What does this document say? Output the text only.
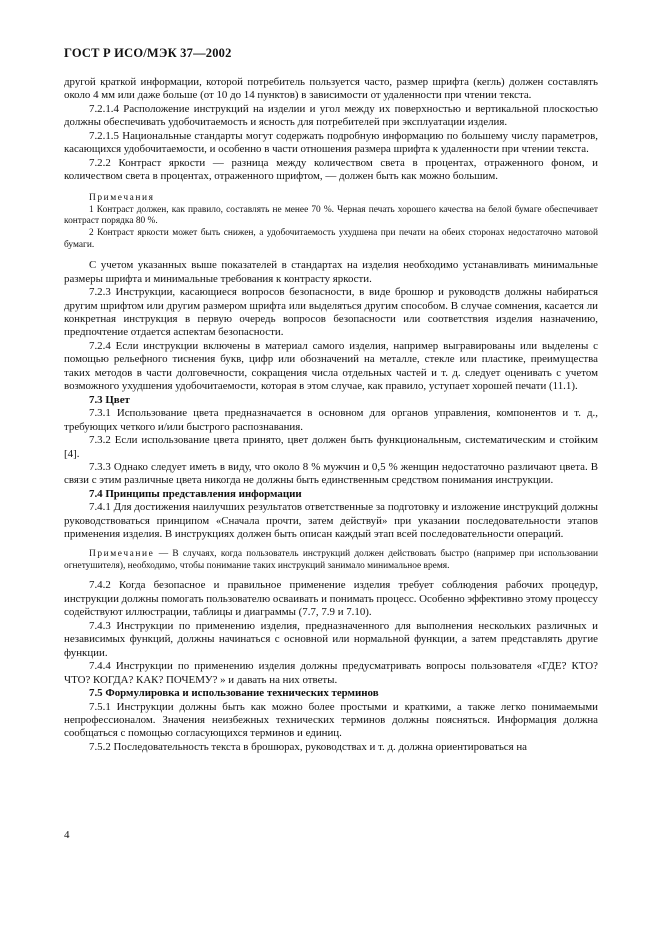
ГОСТ Р ИСО/МЭК 37—2002

другой краткой информации, которой потребитель пользуется часто, размер шрифта (кегль) должен составлять около 4 мм или даже больше (от 10 до 14 пунктов) в зависимости от удаленности при чтении текста.

7.2.1.4 Расположение инструкций на изделии и угол между их поверхностью и вертикальной плоскостью должны обеспечивать удобочитаемость и ясность для потребителей при эксплуатации изделия.

7.2.1.5 Национальные стандарты могут содержать подробную информацию по большему числу параметров, касающихся удобочитаемости, и особенно в части отношения размера шрифта к удаленности при чтении текста.

7.2.2 Контраст яркости — разница между количеством света в процентах, отраженного фоном, и количеством света в процентах, отраженного шрифтом, — должен быть как можно большим.

Примечания

1 Контраст должен, как правило, составлять не менее 70 %. Черная печать хорошего качества на белой бумаге обеспечивает контраст порядка 80 %.

2 Контраст яркости может быть снижен, а удобочитаемость ухудшена при печати на обеих сторонах недостаточно матовой бумаги.

С учетом указанных выше показателей в стандартах на изделия необходимо устанавливать минимальные размеры шрифта и минимальные требования к контрасту яркости.

7.2.3 Инструкции, касающиеся вопросов безопасности, в виде брошюр и руководств должны набираться другим шрифтом или другим размером шрифта или выделяться другим способом. В случае сомнения, касается ли конкретная инструкция в первую очередь вопросов безопасности или соответствия изделия назначению, предпочтение отдается аспектам безопасности.

7.2.4 Если инструкции включены в материал самого изделия, например выгравированы или выделены с помощью рельефного тиснения букв, цифр или обозначений на металле, стекле или пластике, преимущества таких методов в части долговечности, сокращения числа отдельных частей и т. д. следует оценивать с учетом возможного ухудшения удобочитаемости, которая в этом случае, как правило, уступает хорошей печати (11.1).

7.3 Цвет

7.3.1 Использование цвета предназначается в основном для органов управления, компонентов и т. д., требующих четкого и/или быстрого распознавания.

7.3.2 Если использование цвета принято, цвет должен быть функциональным, систематическим и стойким [4].

7.3.3 Однако следует иметь в виду, что около 8 % мужчин и 0,5 % женщин недостаточно различают цвета. В связи с этим различные цвета никогда не должны быть единственным средством понимания инструкции.

7.4 Принципы представления информации

7.4.1 Для достижения наилучших результатов ответственные за подготовку и изложение инструкций должны руководствоваться принципом «Сначала прочти, затем действуй» при указании последовательности этапов применения изделия. В инструкциях должен быть описан каждый этап всей последовательности операций.

Примечание — В случаях, когда пользователь инструкций должен действовать быстро (например при использовании огнетушителя), необходимо, чтобы понимание таких инструкций занимало минимальное время.

7.4.2 Когда безопасное и правильное применение изделия требует соблюдения рабочих процедур, инструкции должны помогать пользователю осваивать и понимать процесс. Особенно эффективно этому процессу содействуют иллюстрации, таблицы и диаграммы (7.7, 7.9 и 7.10).

7.4.3 Инструкции по применению изделия, предназначенного для выполнения нескольких различных и независимых функций, должны начинаться с основной или нормальной функции, а затем представлять другие функции.

7.4.4 Инструкции по применению изделия должны предусматривать вопросы пользователя «ГДЕ? КТО? ЧТО? КОГДА? КАК? ПОЧЕМУ? » и давать на них ответы.

7.5 Формулировка и использование технических терминов

7.5.1 Инструкции должны быть как можно более простыми и краткими, а также легко понимаемыми непрофессионалом. Значения неизбежных технических терминов должны поясняться. Информация должна сообщаться с помощью согласующихся терминов и единиц.

7.5.2 Последовательность текста в брошюрах, руководствах и т. д. должна ориентироваться на

4
